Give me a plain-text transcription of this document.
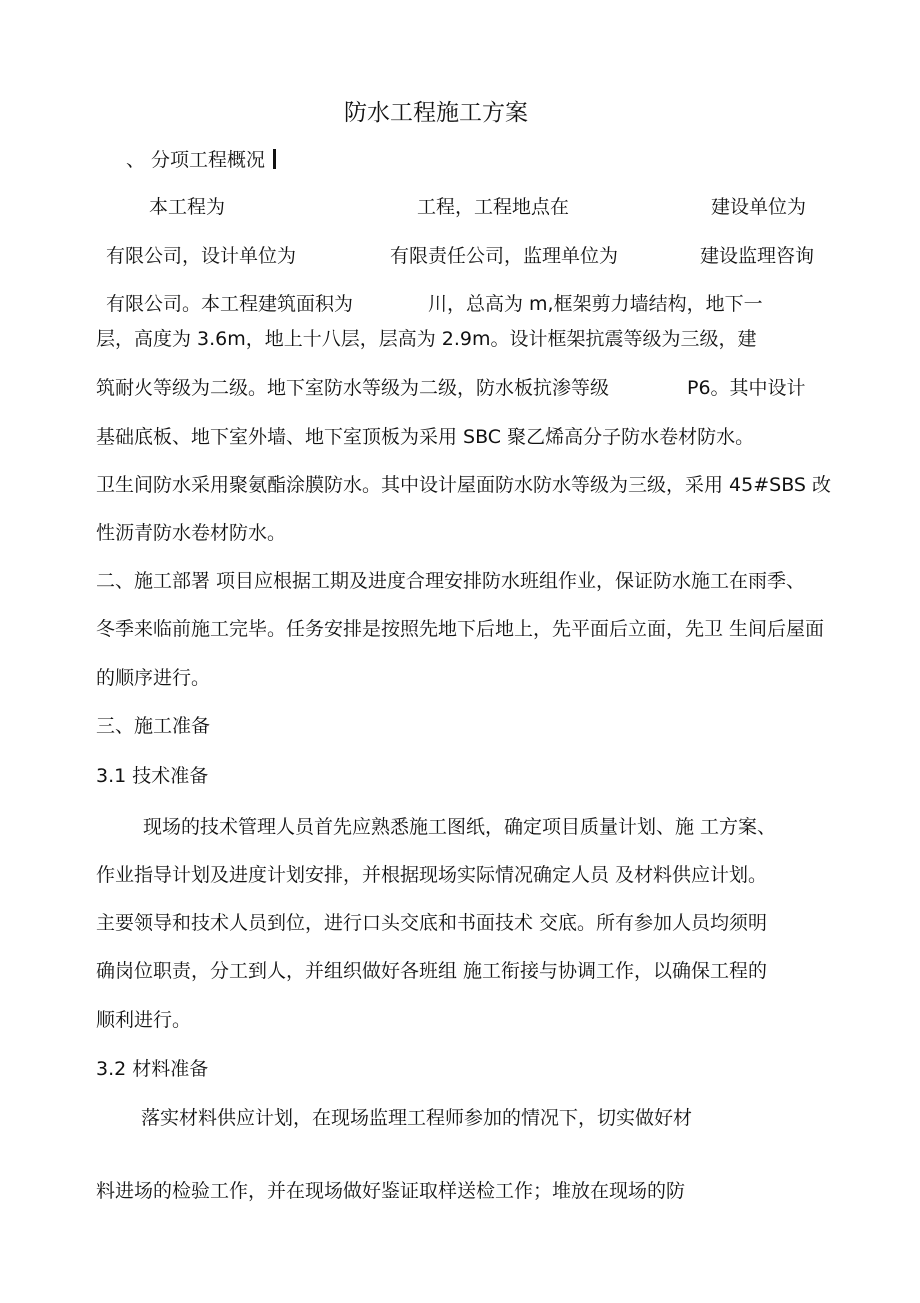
防水工程施工方案
、 分项工程概况
本工程为	工程，工程地点在	建设单位为
有限公司，设计单位为	有限责任公司，监理单位为	建设监理咨询
有限公司。本工程建筑面积为	川，总高为 m,框架剪力墙结构，地下一
层，高度为 3.6m，地上十八层，层高为 2.9m。设计框架抗震等级为三级，建
筑耐火等级为二级。地下室防水等级为二级，防水板抗渗等级	P6。其中设计
基础底板、地下室外墙、地下室顶板为采用 SBC 聚乙烯高分子防水卷材防水。
卫生间防水采用聚氨酯涂膜防水。其中设计屋面防水防水等级为三级，采用 45#SBS 改
性沥青防水卷材防水。
二、施工部署 项目应根据工期及进度合理安排防水班组作业，保证防水施工在雨季、
冬季来临前施工完毕。任务安排是按照先地下后地上，先平面后立面，先卫 生间后屋面
的顺序进行。
三、施工准备
3.1 技术准备
现场的技术管理人员首先应熟悉施工图纸，确定项目质量计划、施 工方案、
作业指导计划及进度计划安排，并根据现场实际情况确定人员 及材料供应计划。
主要领导和技术人员到位，进行口头交底和书面技术 交底。所有参加人员均须明
确岗位职责，分工到人，并组织做好各班组 施工衔接与协调工作，以确保工程的
顺利进行。
3.2 材料准备
落实材料供应计划，在现场监理工程师参加的情况下，切实做好材
料进场的检验工作，并在现场做好鉴证取样送检工作；堆放在现场的防
